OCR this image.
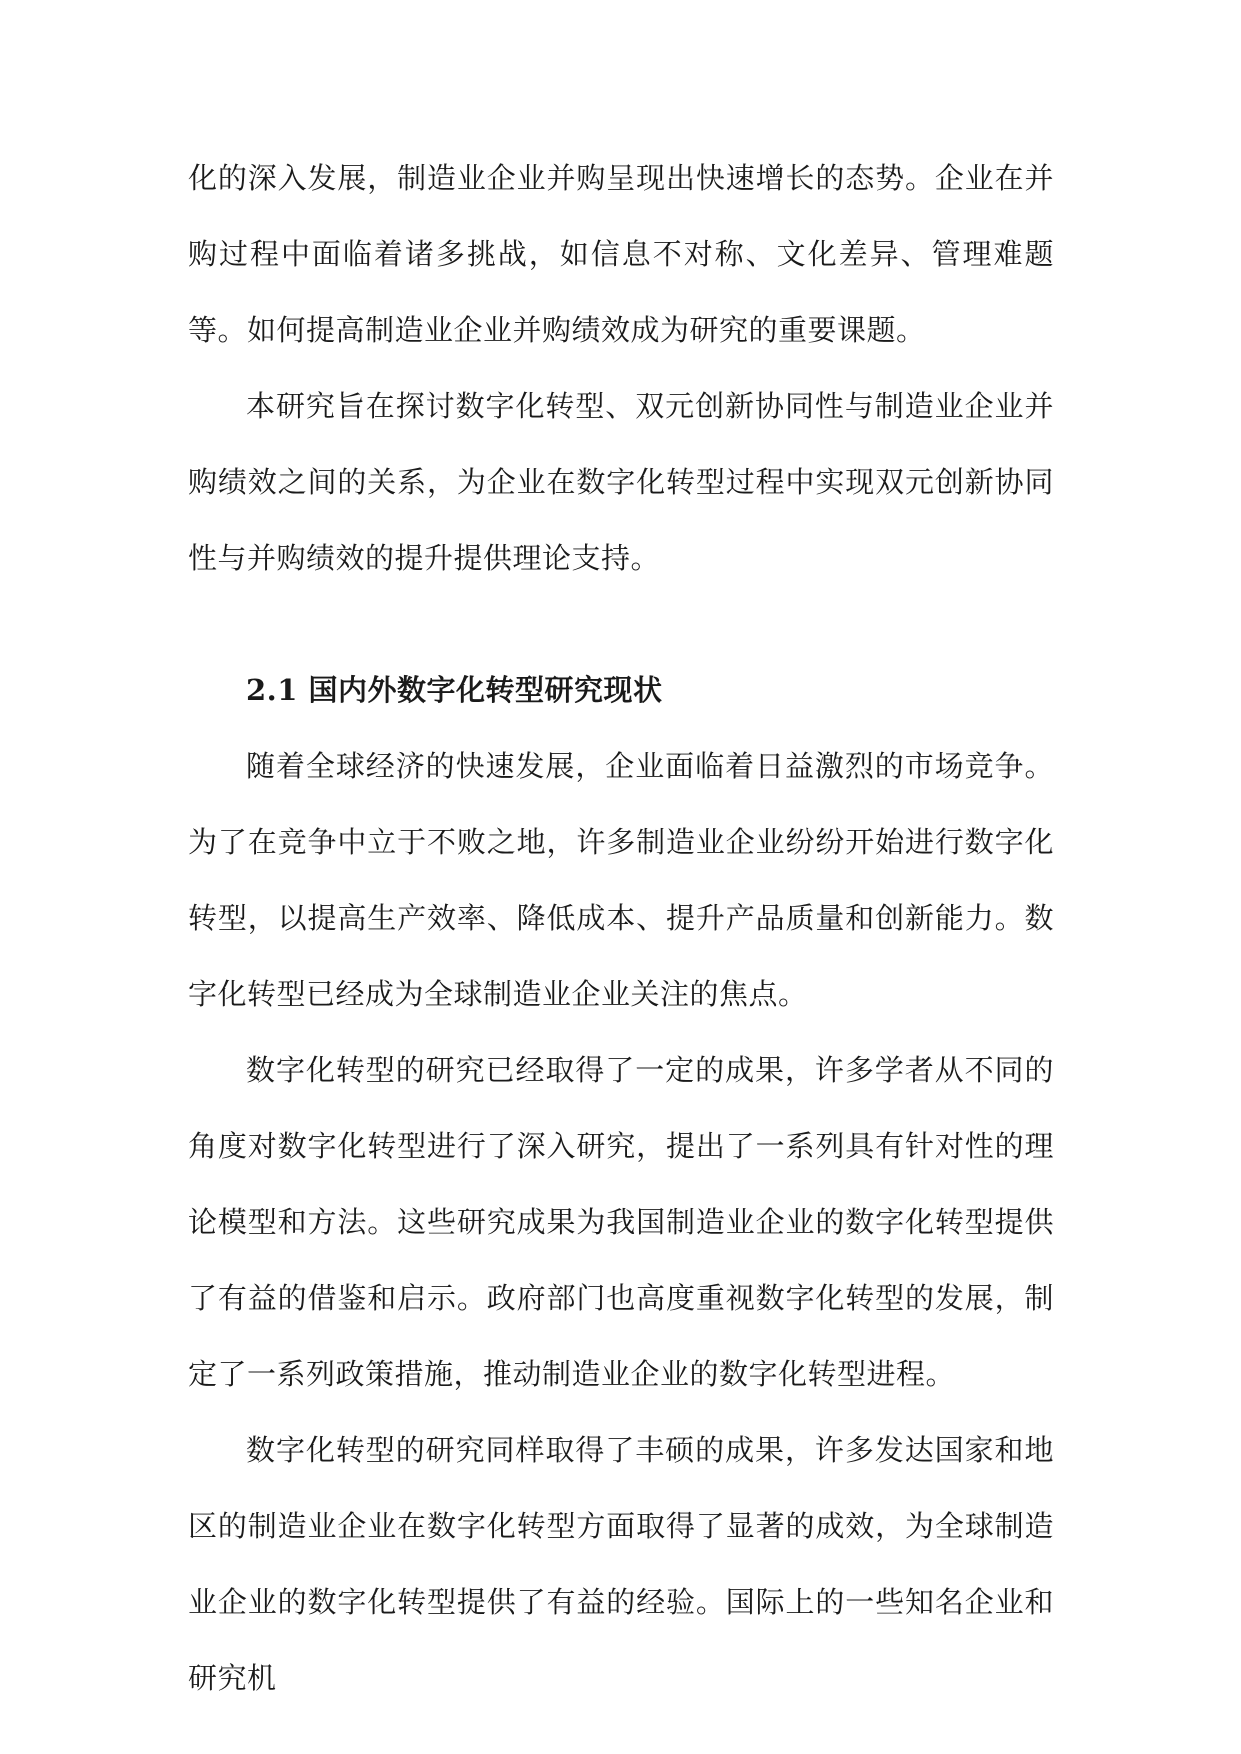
化的深入发展，制造业企业并购呈现出快速增长的态势。企业在并购过程中面临着诸多挑战，如信息不对称、文化差异、管理难题等。如何提高制造业企业并购绩效成为研究的重要课题。

本研究旨在探讨数字化转型、双元创新协同性与制造业企业并购绩效之间的关系，为企业在数字化转型过程中实现双元创新协同性与并购绩效的提升提供理论支持。

2.1 国内外数字化转型研究现状

随着全球经济的快速发展，企业面临着日益激烈的市场竞争。为了在竞争中立于不败之地，许多制造业企业纷纷开始进行数字化转型，以提高生产效率、降低成本、提升产品质量和创新能力。数字化转型已经成为全球制造业企业关注的焦点。

数字化转型的研究已经取得了一定的成果，许多学者从不同的角度对数字化转型进行了深入研究，提出了一系列具有针对性的理论模型和方法。这些研究成果为我国制造业企业的数字化转型提供了有益的借鉴和启示。政府部门也高度重视数字化转型的发展，制定了一系列政策措施，推动制造业企业的数字化转型进程。

数字化转型的研究同样取得了丰硕的成果，许多发达国家和地区的制造业企业在数字化转型方面取得了显著的成效，为全球制造业企业的数字化转型提供了有益的经验。国际上的一些知名企业和研究机
